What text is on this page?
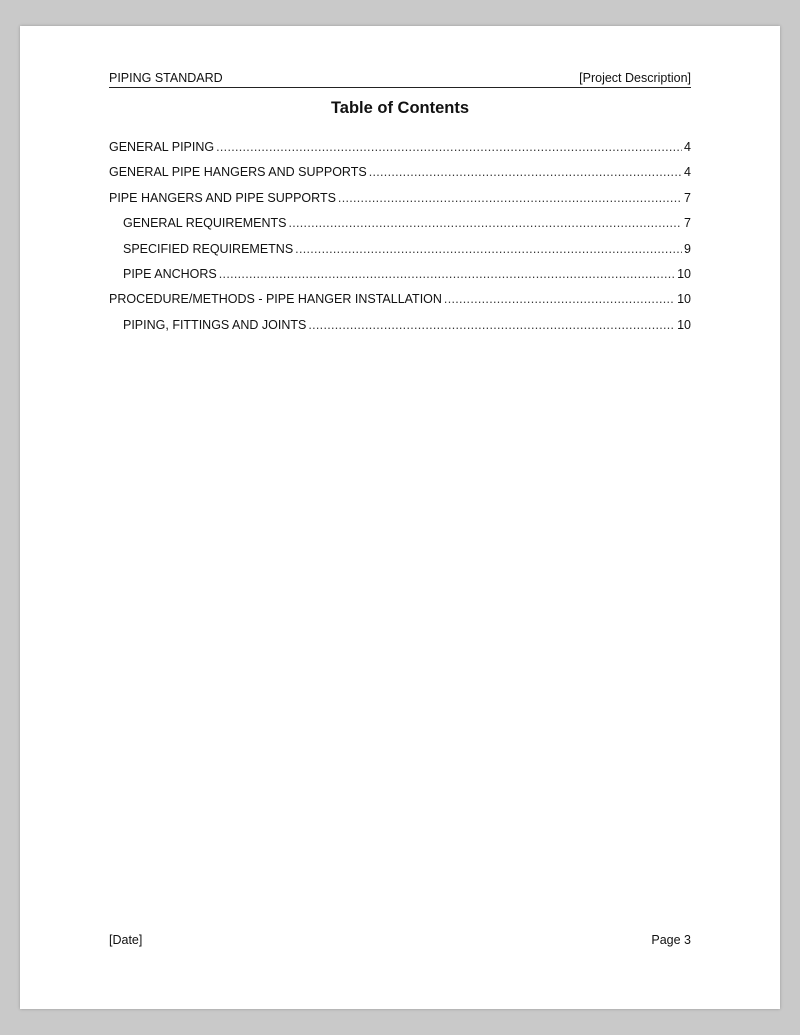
PIPING STANDARD	[Project Description]
Table of Contents
GENERAL PIPING .....	4
GENERAL PIPE HANGERS AND SUPPORTS .....	4
PIPE HANGERS AND PIPE SUPPORTS .....	7
GENERAL REQUIREMENTS .....	7
SPECIFIED REQUIREMETNS .....	9
PIPE ANCHORS .....	10
PROCEDURE/METHODS - PIPE HANGER INSTALLATION .....	10
PIPING, FITTINGS AND JOINTS .....	10
[Date]	Page 3
